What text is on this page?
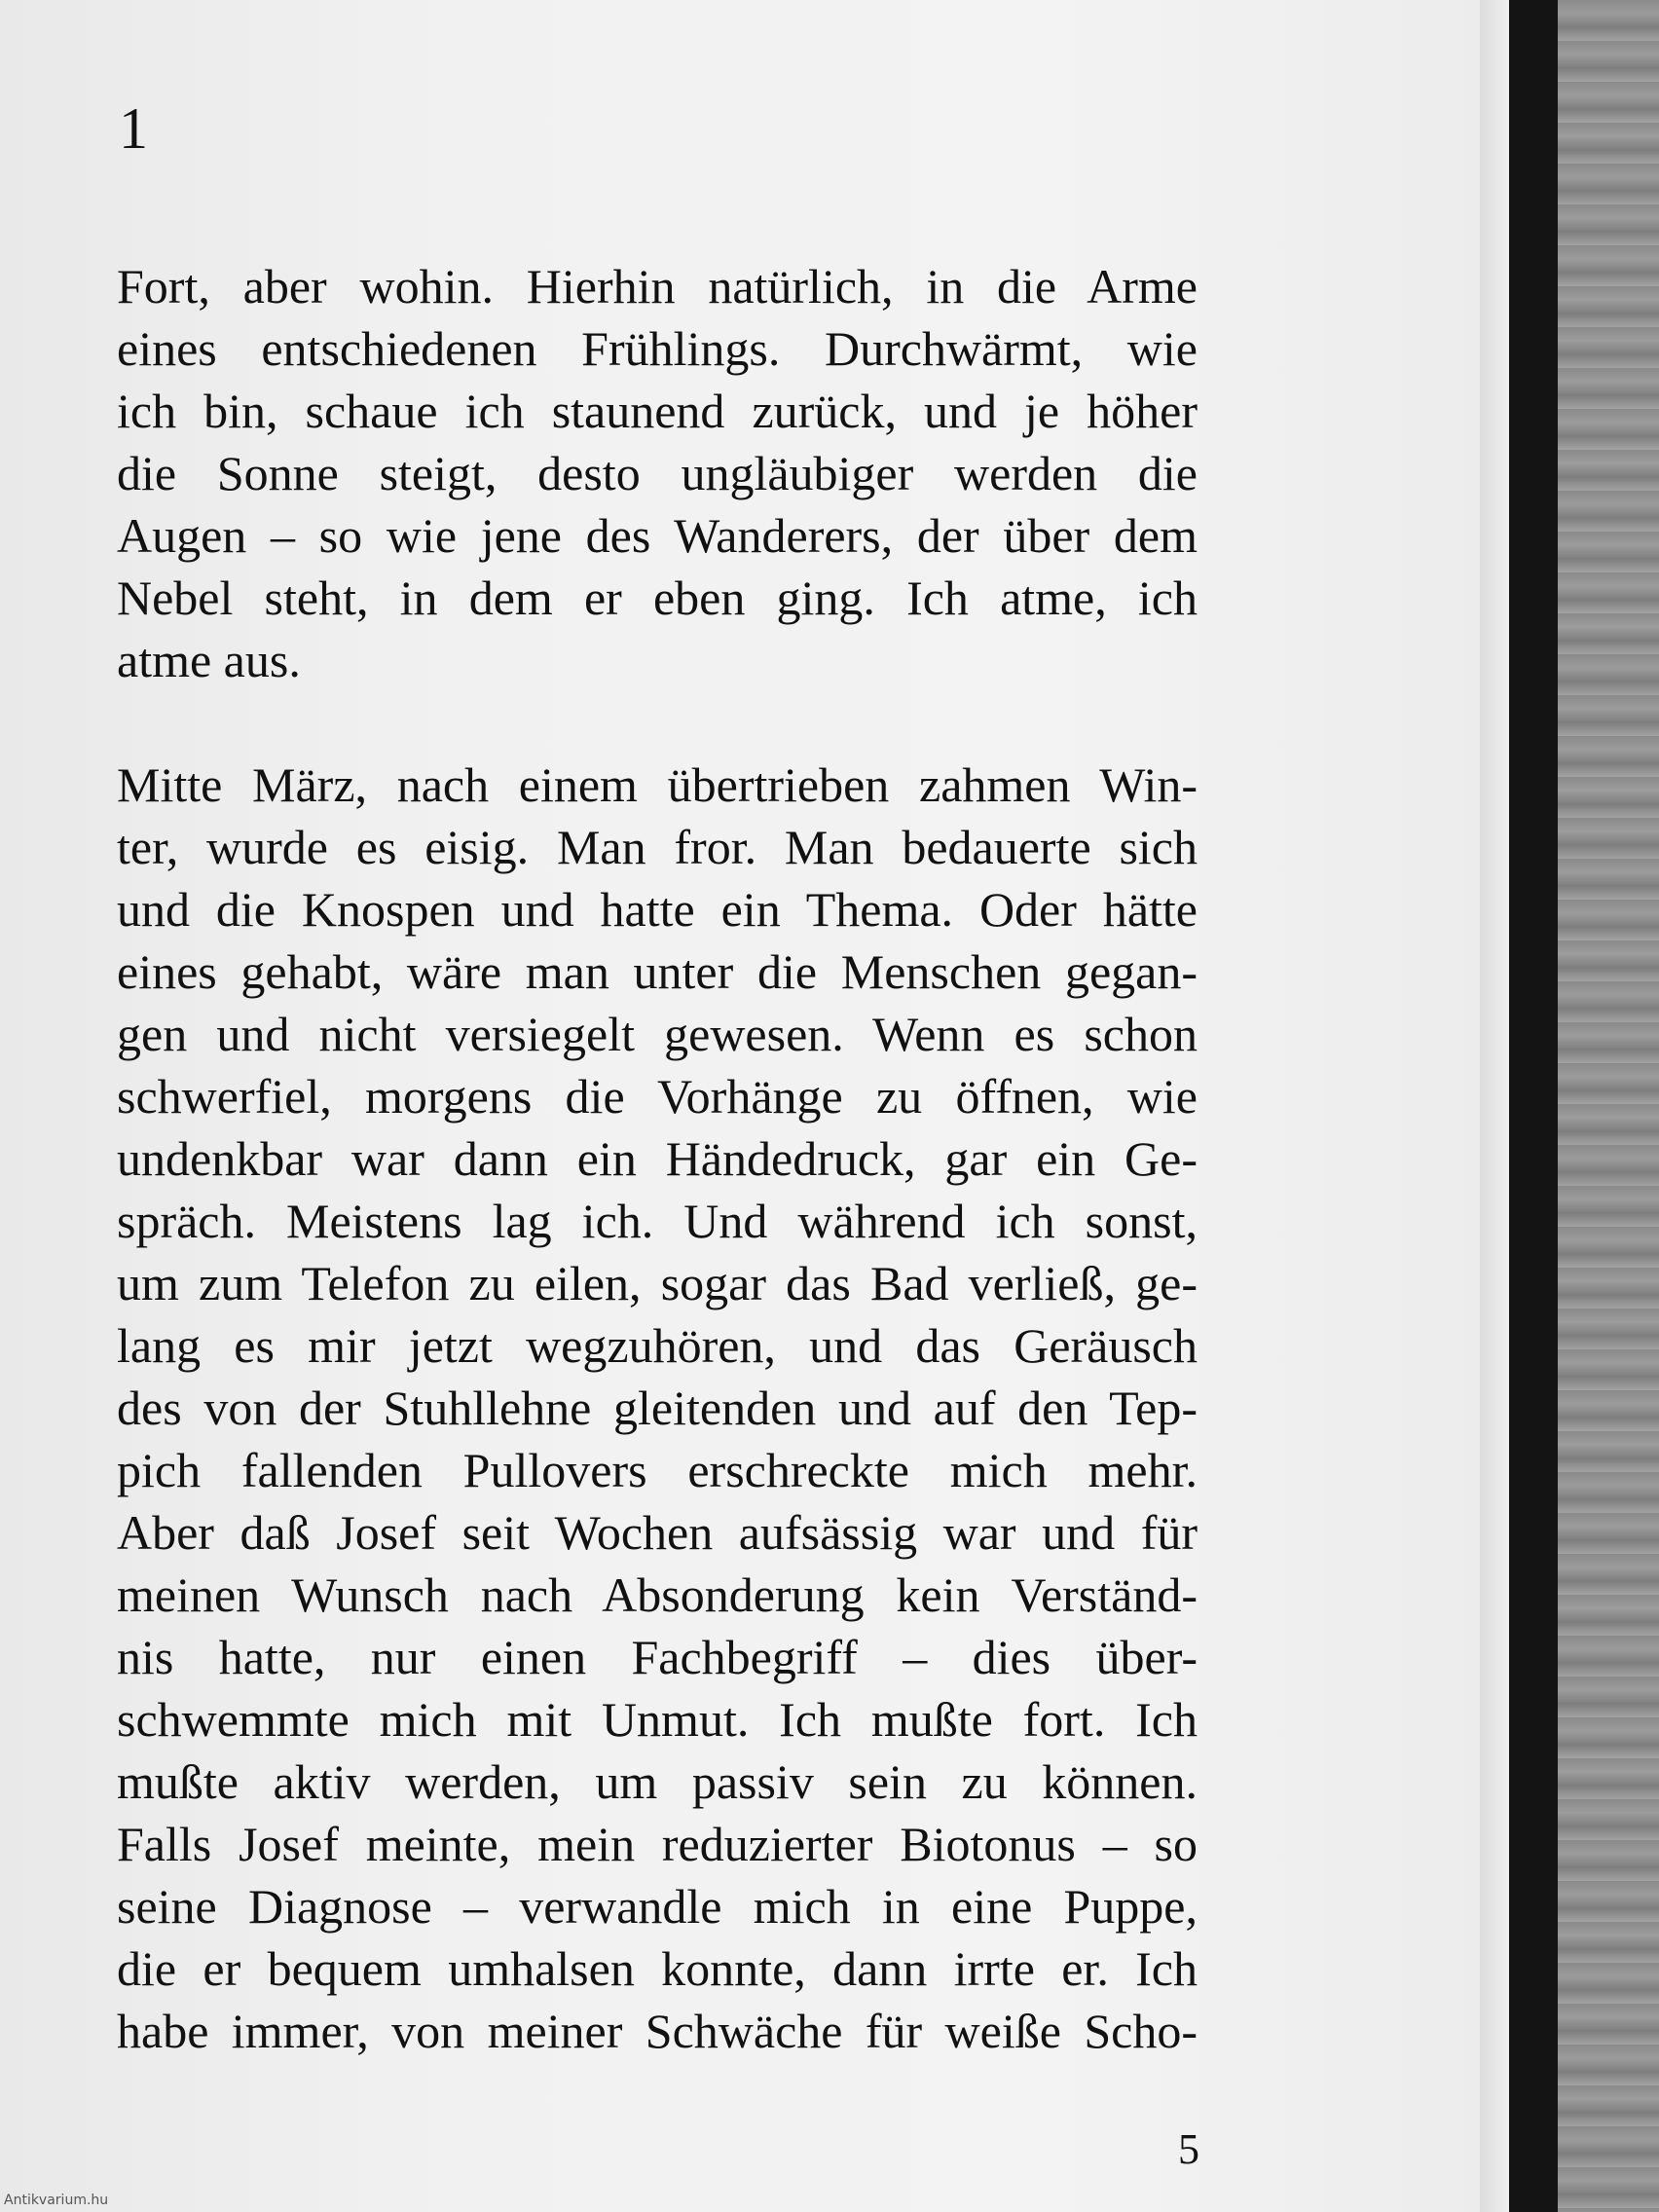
1

Fort, aber wohin. Hierhin natürlich, in die Arme
eines entschiedenen Frühlings. Durchwärmt, wie
ich bin, schaue ich staunend zurück, und je höher
die Sonne steigt, desto ungläubiger werden die
Augen – so wie jene des Wanderers, der über dem
Nebel steht, in dem er eben ging. Ich atme, ich
atme aus.

Mitte März, nach einem übertrieben zahmen Win-
ter, wurde es eisig. Man fror. Man bedauerte sich
und die Knospen und hatte ein Thema. Oder hätte
eines gehabt, wäre man unter die Menschen gegan-
gen und nicht versiegelt gewesen. Wenn es schon
schwerfiel, morgens die Vorhänge zu öffnen, wie
undenkbar war dann ein Händedruck, gar ein Ge-
spräch. Meistens lag ich. Und während ich sonst,
um zum Telefon zu eilen, sogar das Bad verließ, ge-
lang es mir jetzt wegzuhören, und das Geräusch
des von der Stuhllehne gleitenden und auf den Tep-
pich fallenden Pullovers erschreckte mich mehr.
Aber daß Josef seit Wochen aufsässig war und für
meinen Wunsch nach Absonderung kein Verständ-
nis hatte, nur einen Fachbegriff – dies über-
schwemmte mich mit Unmut. Ich mußte fort. Ich
mußte aktiv werden, um passiv sein zu können.
Falls Josef meinte, mein reduzierter Biotonus – so
seine Diagnose – verwandle mich in eine Puppe,
die er bequem umhalsen konnte, dann irrte er. Ich
habe immer, von meiner Schwäche für weiße Scho-

5
Antikvarium.hu
